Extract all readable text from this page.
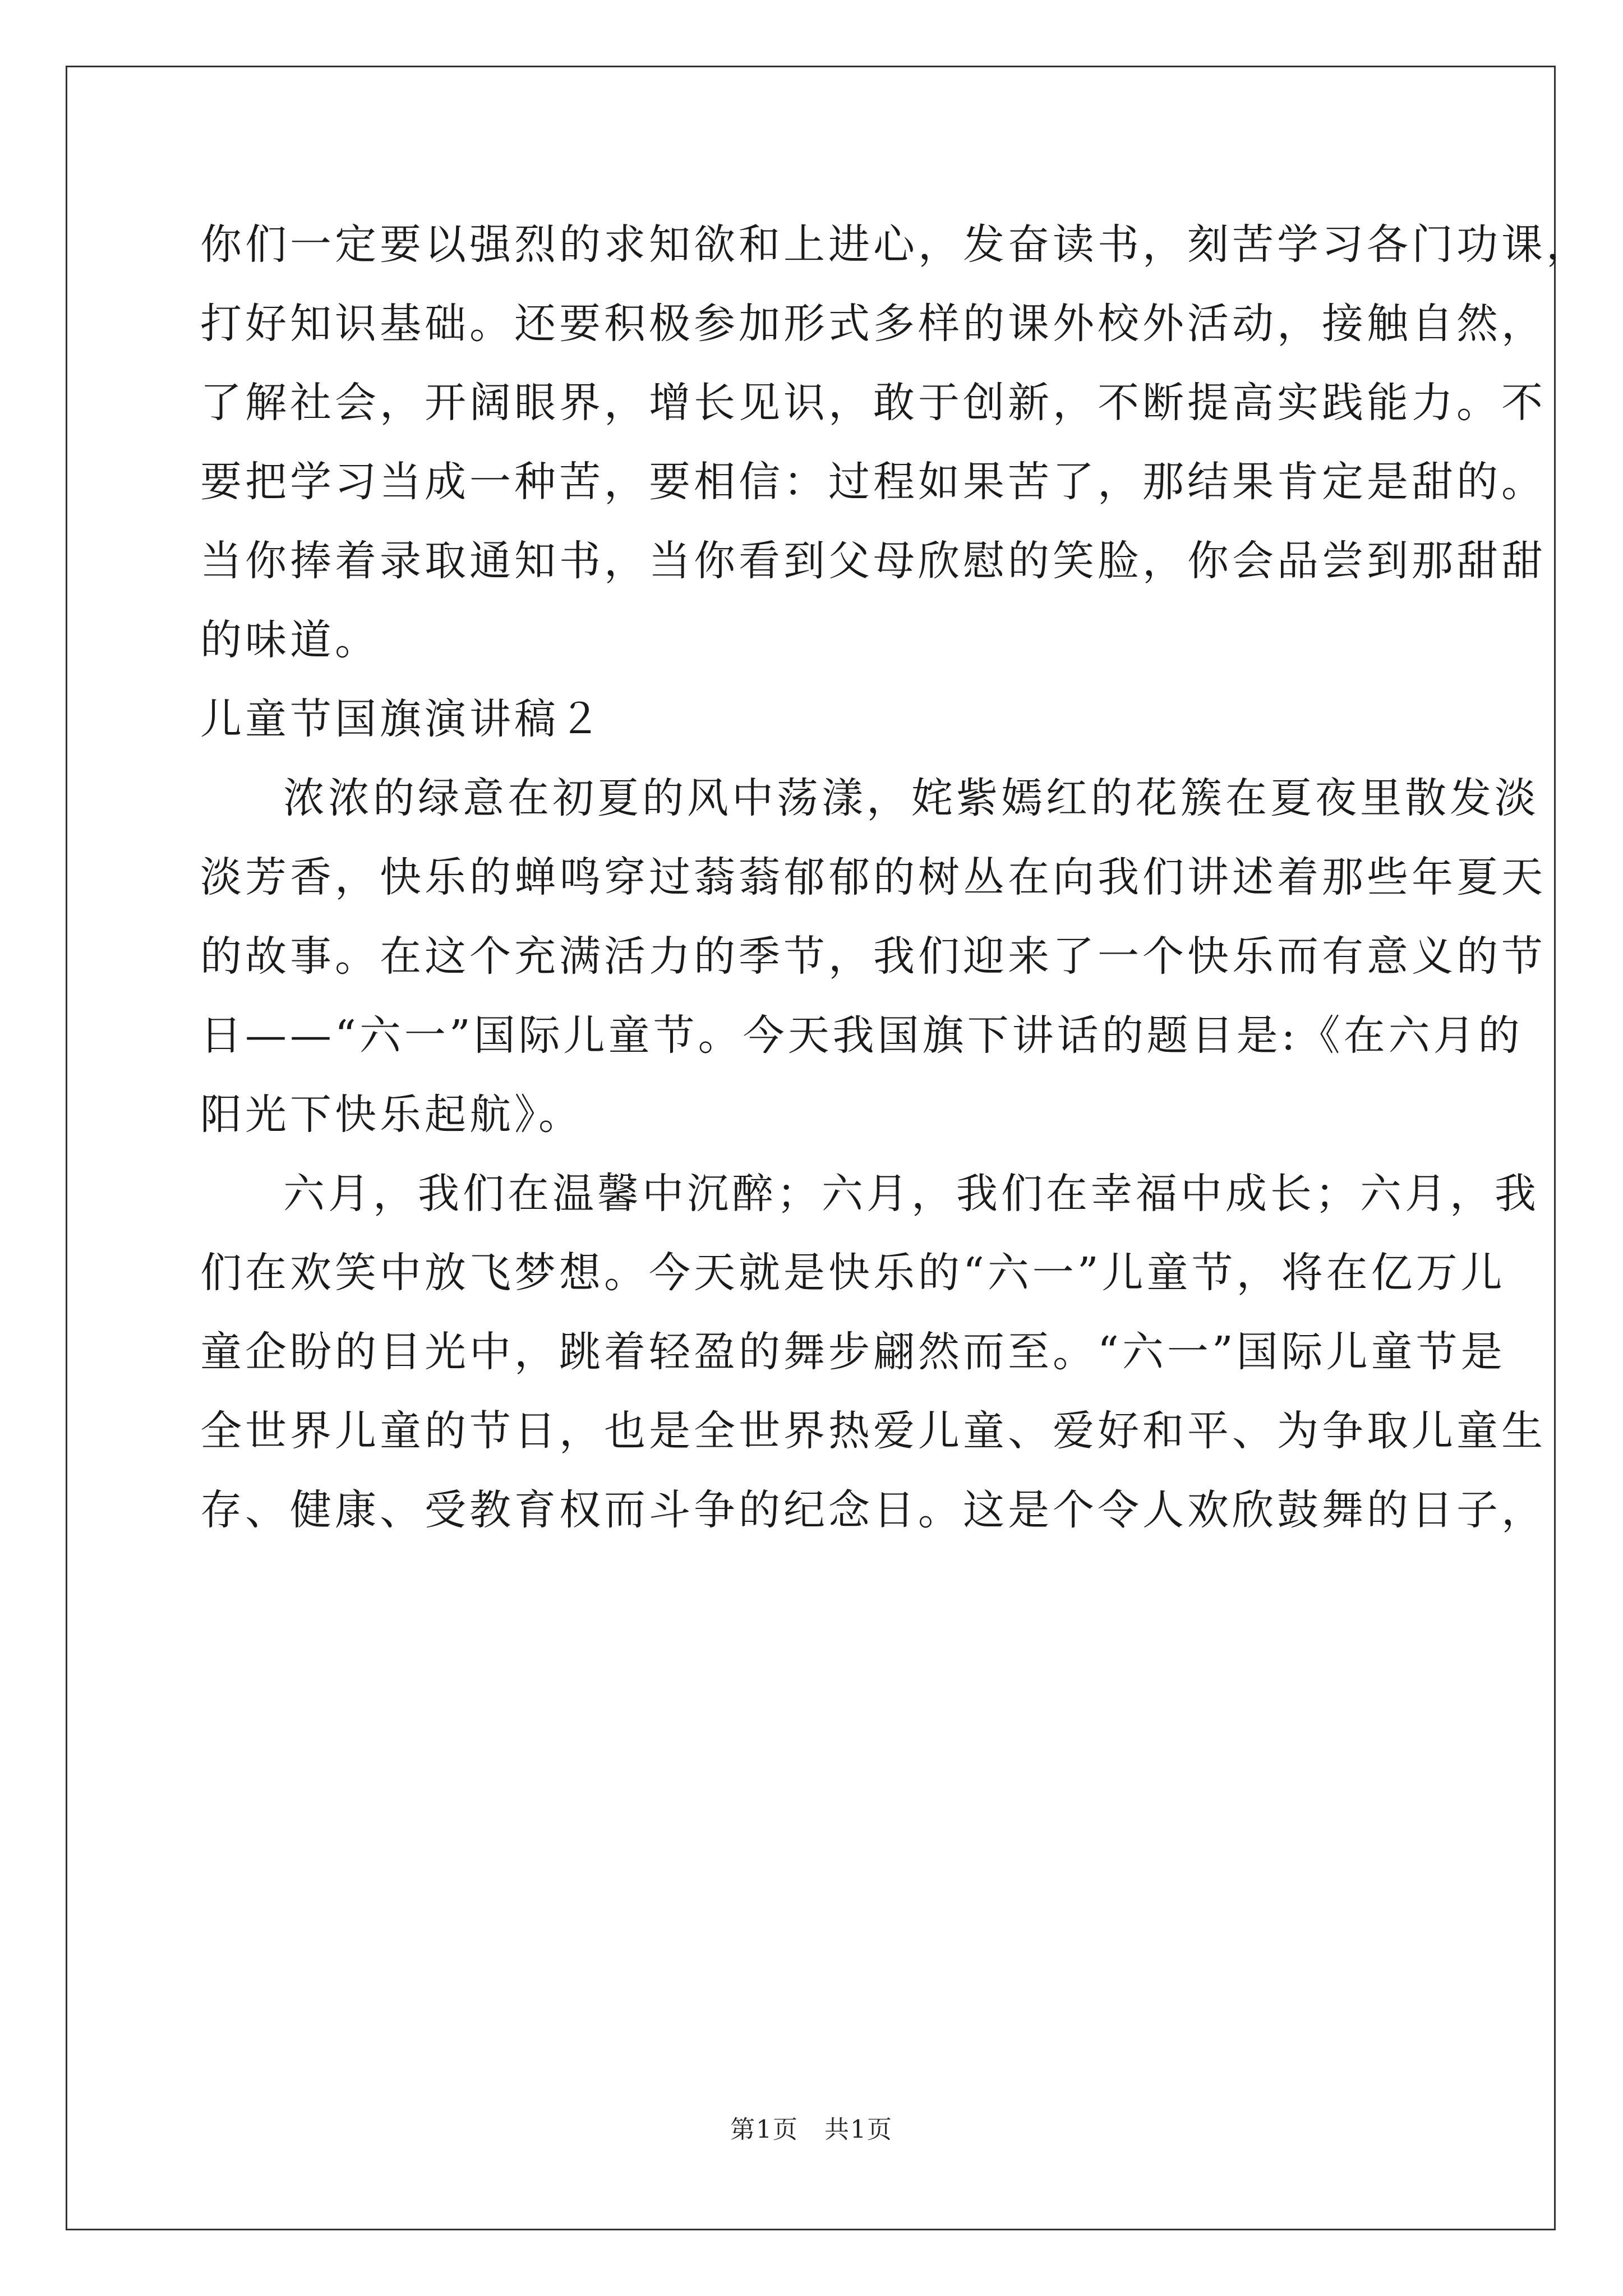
你们一定要以强烈的求知欲和上进心，发奋读书，刻苦学习各门功课，
打好知识基础。还要积极参加形式多样的课外校外活动，接触自然，
了解社会，开阔眼界，增长见识，敢于创新，不断提高实践能力。不
要把学习当成一种苦，要相信：过程如果苦了，那结果肯定是甜的。
当你捧着录取通知书，当你看到父母欣慰的笑脸，你会品尝到那甜甜
的味道。
儿童节国旗演讲稿２
浓浓的绿意在初夏的风中荡漾，姹紫嫣红的花簇在夏夜里散发淡
淡芳香，快乐的蝉鸣穿过蓊蓊郁郁的树丛在向我们讲述着那些年夏天
的故事。在这个充满活力的季节，我们迎来了一个快乐而有意义的节
日——“六一”国际儿童节。今天我国旗下讲话的题目是:《在六月的
阳光下快乐起航》。
六月，我们在温馨中沉醉；六月，我们在幸福中成长；六月，我
们在欢笑中放飞梦想。今天就是快乐的“六一”儿童节，将在亿万儿
童企盼的目光中，跳着轻盈的舞步翩然而至。“六一”国际儿童节是
全世界儿童的节日，也是全世界热爱儿童、爱好和平、为争取儿童生
存、健康、受教育权而斗争的纪念日。这是个令人欢欣鼓舞的日子，
第1页　共1页
